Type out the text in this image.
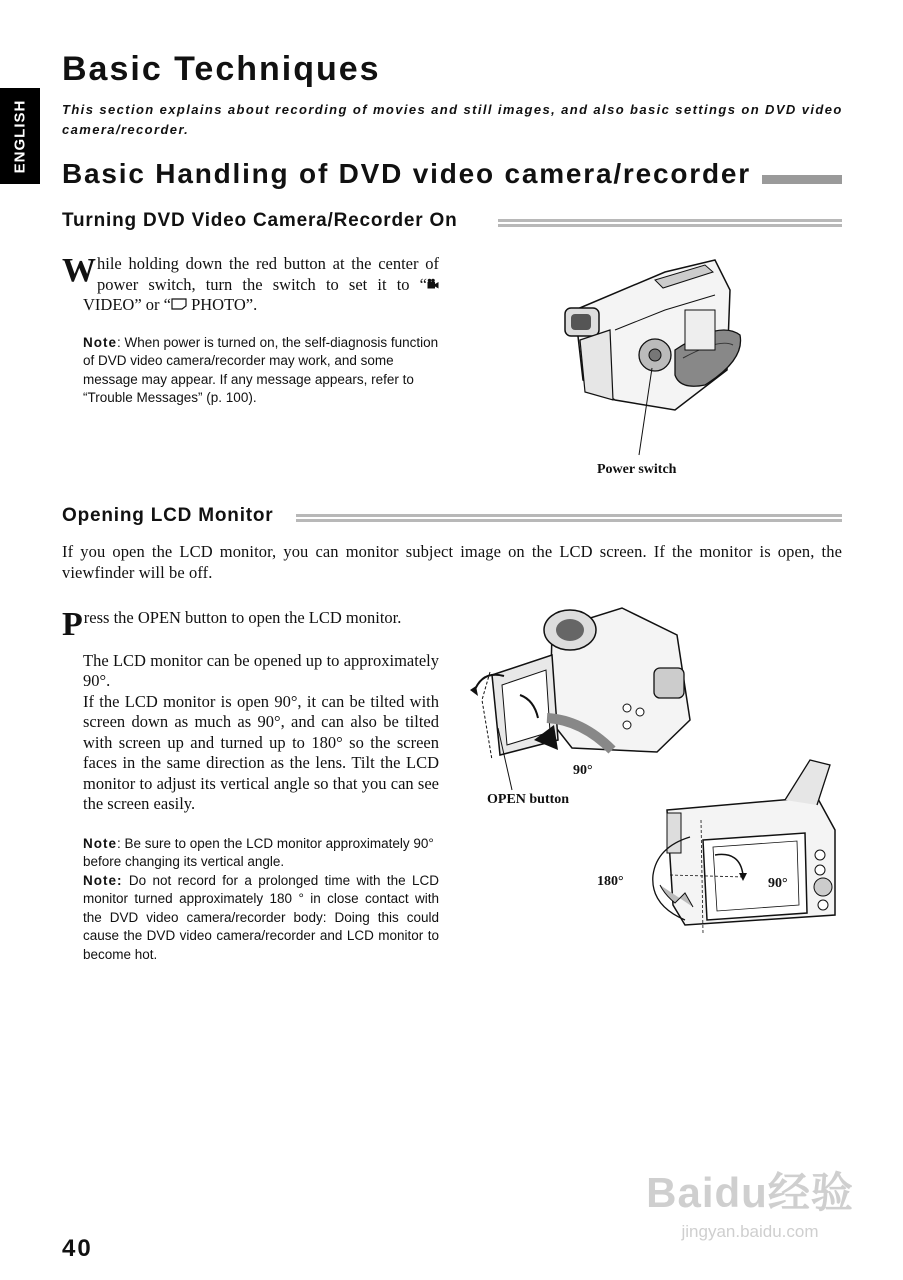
ENGLISH
Basic Techniques

This section explains about recording of movies and still images, and also basic settings on DVD video camera/recorder.

Basic Handling of DVD video camera/recorder
Turning DVD Video Camera/Recorder On

While holding down the red button at the center of power switch, turn the switch to set it to “ VIDEO” or “ PHOTO”.

Note: When power is turned on, the self-diagnosis function of DVD video camera/recorder may work, and some message may appear. If any message appears, refer to “Trouble Messages” (p. 100).

Power switch
Opening LCD Monitor

If you open the LCD monitor, you can monitor subject image on the LCD screen. If the monitor is open, the viewfinder will be off.

Press the OPEN button to open the LCD monitor.

The LCD monitor can be opened up to approximately 90°.

If the LCD monitor is open 90°, it can be tilted with screen down as much as 90°, and can also be tilted with screen up and turned up to 180° so the screen faces in the same direction as the lens. Tilt the LCD monitor to adjust its vertical angle so that you can see the screen easily.

Note: Be sure to open the LCD monitor approximately 90° before changing its vertical angle.

Note: Do not record for a prolonged time with the LCD monitor turned approximately 180 ° in close contact with the DVD video camera/recorder body: Doing this could cause the DVD video camera/recorder and LCD monitor to become hot.

90°
OPEN button
180°	90°
40
Baidu经验
jingyan.baidu.com
